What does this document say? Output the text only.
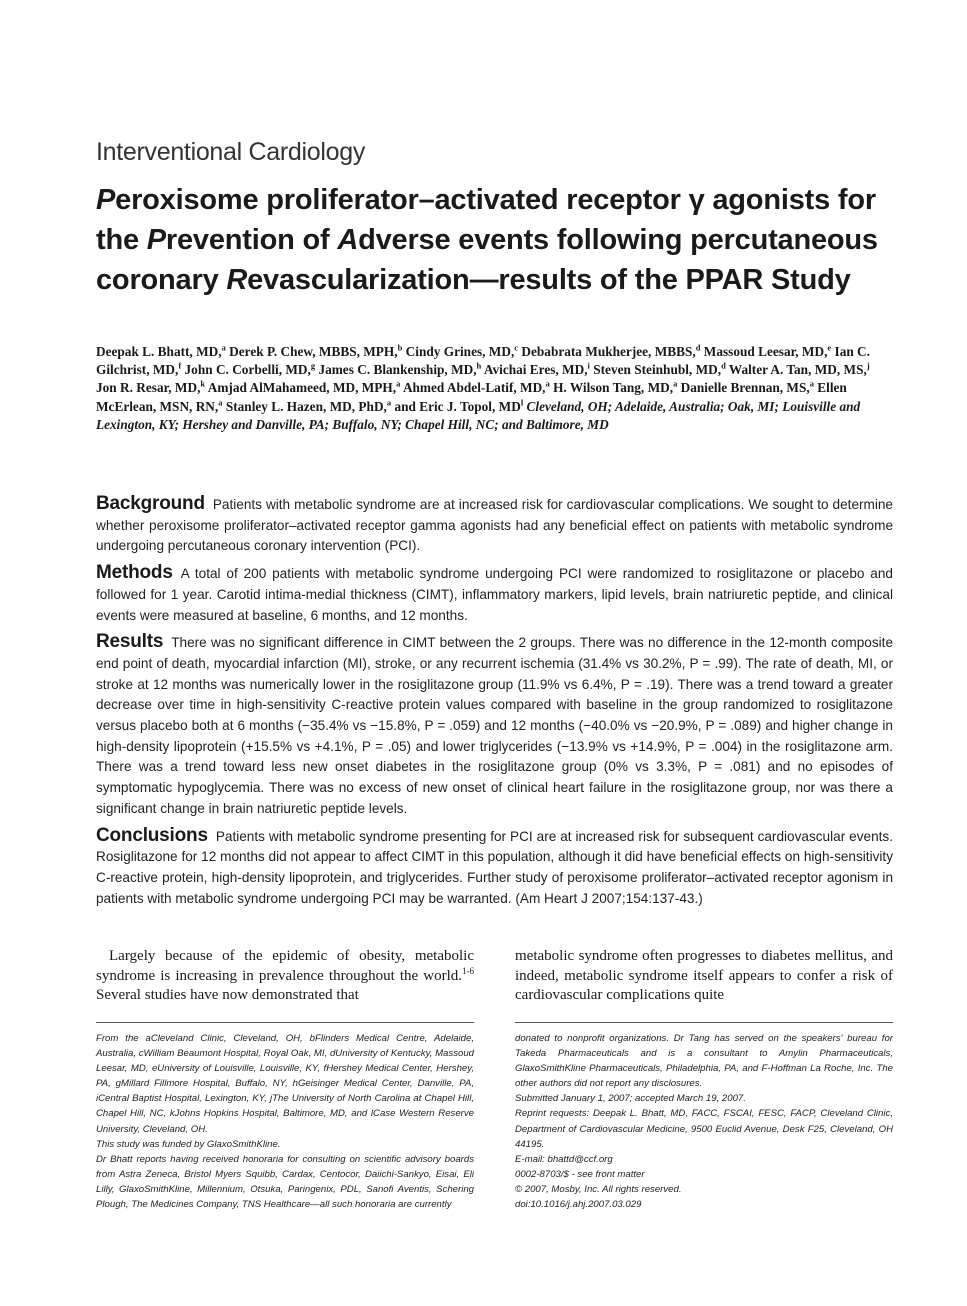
Interventional Cardiology
Peroxisome proliferator–activated receptor γ agonists for the Prevention of Adverse events following percutaneous coronary Revascularization—results of the PPAR Study
Deepak L. Bhatt, MD,$^a$ Derek P. Chew, MBBS, MPH,$^b$ Cindy Grines, MD,$^c$ Debabrata Mukherjee, MBBS,$^d$ Massoud Leesar, MD,$^e$ Ian C. Gilchrist, MD,$^f$ John C. Corbelli, MD,$^g$ James C. Blankenship, MD,$^h$ Avichai Eres, MD,$^i$ Steven Steinhubl, MD,$^d$ Walter A. Tan, MD, MS,$^j$ Jon R. Resar, MD,$^k$ Amjad AlMahameed, MD, MPH,$^a$ Ahmed Abdel-Latif, MD,$^a$ H. Wilson Tang, MD,$^a$ Danielle Brennan, MS,$^a$ Ellen McErlean, MSN, RN,$^a$ Stanley L. Hazen, MD, PhD,$^a$ and Eric J. Topol, $MD^l$ Cleveland, OH; Adelaide, Australia; Oak, MI; Louisville and Lexington, KY; Hershey and Danville, PA; Buffalo, NY; Chapel Hill, NC; and Baltimore, MD

Background Patients with metabolic syndrome are at increased risk for cardiovascular complications. We sought to determine whether peroxisome proliferator–activated receptor gamma agonists had any beneficial effect on patients with metabolic syndrome undergoing percutaneous coronary intervention (PCI).

Methods A total of 200 patients with metabolic syndrome undergoing PCI were randomized to rosiglitazone or placebo and followed for 1 year. Carotid intima-medial thickness (CIMT), inflammatory markers, lipid levels, brain natriuretic peptide, and clinical events were measured at baseline, 6 months, and 12 months.

Results There was no significant difference in CIMT between the 2 groups. There was no difference in the 12-month composite end point of death, myocardial infarction (MI), stroke, or any recurrent ischemia (31.4% vs 30.2%, P = .99). The rate of death, MI, or stroke at 12 months was numerically lower in the rosiglitazone group (11.9% vs 6.4%, P = .19). There was a trend toward a greater decrease over time in high-sensitivity C-reactive protein values compared with baseline in the group randomized to rosiglitazone versus placebo both at 6 months (−35.4% vs −15.8%, P = .059) and 12 months (−40.0% vs −20.9%, P = .089) and higher change in high-density lipoprotein (+15.5% vs +4.1%, P = .05) and lower triglycerides (−13.9% vs +14.9%, P = .004) in the rosiglitazone arm. There was a trend toward less new onset diabetes in the rosiglitazone group (0% vs 3.3%, P = .081) and no episodes of symptomatic hypoglycemia. There was no excess of new onset of clinical heart failure in the rosiglitazone group, nor was there a significant change in brain natriuretic peptide levels.

Conclusions Patients with metabolic syndrome presenting for PCI are at increased risk for subsequent cardiovascular events. Rosiglitazone for 12 months did not appear to affect CIMT in this population, although it did have beneficial effects on high-sensitivity C-reactive protein, high-density lipoprotein, and triglycerides. Further study of peroxisome proliferator–activated receptor agonism in patients with metabolic syndrome undergoing PCI may be warranted. (Am Heart J 2007;154:137-43.)

Largely because of the epidemic of obesity, metabolic syndrome is increasing in prevalence throughout the world.$^{1-6}$ Several studies have now demonstrated that
metabolic syndrome often progresses to diabetes mellitus, and indeed, metabolic syndrome itself appears to confer a risk of cardiovascular complications quite

From the aCleveland Clinic, Cleveland, OH, bFlinders Medical Centre, Adelaide, Australia, cWilliam Beaumont Hospital, Royal Oak, MI, dUniversity of Kentucky, Massoud Leesar, MD, eUniversity of Louisville, Louisville, KY, fHershey Medical Center, Hershey, PA, gMillard Fillmore Hospital, Buffalo, NY, hGeisinger Medical Center, Danville, PA, iCentral Baptist Hospital, Lexington, KY, jThe University of North Carolina at Chapel Hill, Chapel Hill, NC, kJohns Hopkins Hospital, Baltimore, MD, and lCase Western Reserve University, Cleveland, OH.

This study was funded by GlaxoSmithKline.

Dr Bhatt reports having received honoraria for consulting on scientific advisory boards from Astra Zeneca, Bristol Myers Squibb, Cardax, Centocor, Daiichi-Sankyo, Eisai, Eli Lilly, GlaxoSmithKline, Millennium, Otsuka, Paringenix, PDL, Sanofi Aventis, Schering Plough, The Medicines Company, TNS Healthcare—all such honoraria are currently

donated to nonprofit organizations. Dr Tang has served on the speakers' bureau for Takeda Pharmaceuticals and is a consultant to Amylin Pharmaceuticals, GlaxoSmithKline Pharmaceuticals, Philadelphia, PA, and F-Hoffman La Roche, Inc. The other authors did not report any disclosures.

Submitted January 1, 2007; accepted March 19, 2007.

Reprint requests: Deepak L. Bhatt, MD, FACC, FSCAI, FESC, FACP, Cleveland Clinic, Department of Cardiovascular Medicine, 9500 Euclid Avenue, Desk F25, Cleveland, OH 44195.

E-mail: bhattd@ccf.org

0002-8703/$ - see front matter

© 2007, Mosby, Inc. All rights reserved.

doi:10.1016/j.ahj.2007.03.029
